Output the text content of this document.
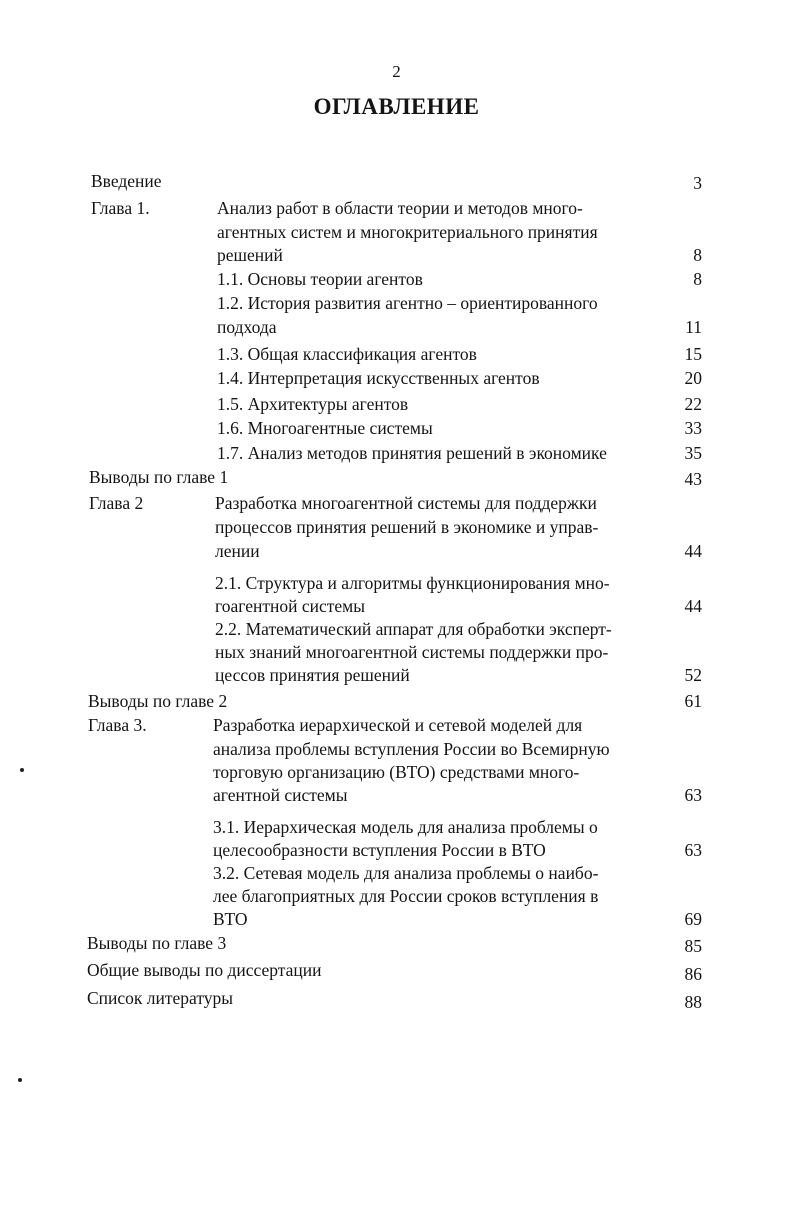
2
ОГЛАВЛЕНИЕ
Введение	3
Глава 1.	Анализ работ в области теории и методов много-
агентных систем и многокритериального принятия
решений	8
1.1. Основы теории агентов	8
1.2. История развития агентно – ориентированного
подхода	11
1.3. Общая классификация агентов	15
1.4. Интерпретация искусственных агентов	20
1.5. Архитектуры агентов	22
1.6. Многоагентные системы	33
1.7. Анализ методов принятия решений в экономике	35
Выводы по главе 1	43
Глава 2	Разработка многоагентной системы для поддержки
процессов принятия решений в экономике и управ-
лении	44
2.1. Структура и алгоритмы функционирования мно-
гоагентной системы	44
2.2. Математический аппарат для обработки эксперт-
ных знаний многоагентной системы поддержки про-
цессов принятия решений	52
Выводы по главе 2	61
Глава 3.	Разработка иерархической и сетевой моделей для
анализа проблемы вступления России во Всемирную
торговую организацию (ВТО) средствами много-
агентной системы	63
3.1. Иерархическая модель для анализа проблемы о
целесообразности вступления России в ВТО	63
3.2. Сетевая модель для анализа проблемы о наибо-
лее благоприятных для России сроков вступления в
ВТО	69
Выводы по главе 3	85
Общие выводы по диссертации	86
Список литературы	88
